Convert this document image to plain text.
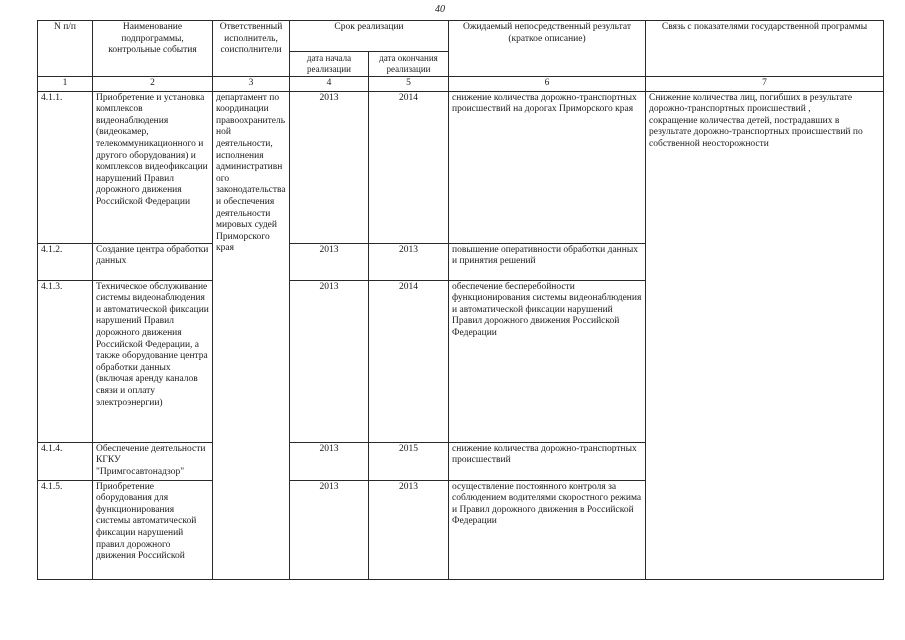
40
N п/п	Наименование подпрограммы, контрольные события	Ответственный исполнитель, соисполнители	Срок реализации		Ожидаемый непосредственный результат (краткое описание)	Связь с показателями государственной программы
			дата начала реализации	дата окончания реализации		
1	2	3	4	5	6	7
4.1.1.	Приобретение и установка комплексов видеонаблюдения (видеокамер, телекоммуникационного и другого оборудования) и комплексов видеофиксации нарушений Правил дорожного движения Российской Федерации	департамент по координации правоохранительной деятельности, исполнения административного законодательства и обеспечения деятельности мировых судей Приморского края	2013	2014	снижение количества дорожно-транспортных происшествий на дорогах Приморского края	Снижение количества лиц, погибших в результате дорожно-транспортных происшествий ,
сокращение количества детей, пострадавших в результате дорожно-транспортных происшествий по собственной неосторожности
4.1.2.	Создание центра обработки данных		2013	2013	повышение оперативности обработки данных и принятия решений	
4.1.3.	Техническое обслуживание системы видеонаблюдения и автоматической фиксации нарушений Правил дорожного движения Российской Федерации, а также оборудование центра обработки данных (включая аренду каналов связи и оплату электроэнергии)		2013	2014	обеспечение бесперебойности функционирования системы видеонаблюдения и автоматической фиксации нарушений Правил дорожного движения Российской Федерации	
4.1.4.	Обеспечение деятельности КГКУ "Примгосавтонадзор"		2013	2015	снижение количества дорожно-транспортных происшествий	
4.1.5.	Приобретение оборудования для функционирования системы автоматической фиксации нарушений правил дорожного движения Российской		2013	2013	осуществление постоянного контроля за соблюдением водителями скоростного режима и Правил дорожного движения в Российской Федерации	
